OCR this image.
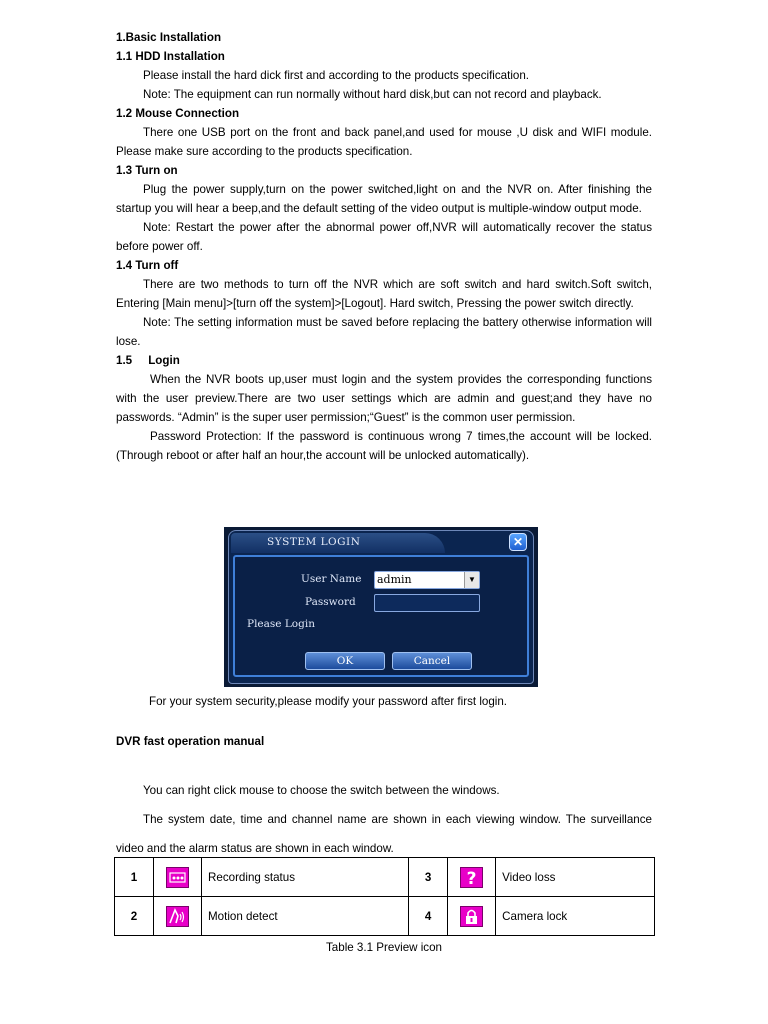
1.Basic Installation

1.1 HDD Installation

Please install the hard dick first and according to the products specification.

Note: The equipment can run normally without hard disk,but can not record and playback.

1.2 Mouse Connection

There one USB port on the front and back panel,and used for mouse ,U disk and WIFI module. Please make sure according to the products specification.

1.3 Turn on

Plug the power supply,turn on the power switched,light on and the NVR on. After finishing the startup you will hear a beep,and the default setting of the video output is multiple-window output mode.

Note: Restart the power after the abnormal power off,NVR will automatically recover the status before power off.

1.4 Turn off

There are two methods to turn off the NVR which are soft switch and hard switch.Soft switch, Entering [Main menu]>[turn off the system]>[Logout]. Hard switch, Pressing the power switch directly.

Note: The setting information must be saved before replacing the battery otherwise information will lose.

1.5     Login

When the NVR boots up,user must login and the system provides the corresponding functions with the user preview.There are two user settings which are admin and guest;and they have no passwords. “Admin” is the super user permission;“Guest” is the common user permission.

Password Protection: If the password is continuous wrong 7 times,the account will be locked. (Through reboot or after half an hour,the account will be unlocked automatically).

SYSTEM LOGIN	✕
User Name admin	▼
Password
Please Login
OK	Cancel
For your system security,please modify your password after first login.
DVR fast operation manual

You can right click mouse to choose the switch between the windows.

The system date, time and channel name are shown in each viewing window. The surveillance video and the alarm status are shown in each window.

1		Recording status	3	?	Video loss
2		Motion detect	4		Camera lock
Table 3.1 Preview icon
